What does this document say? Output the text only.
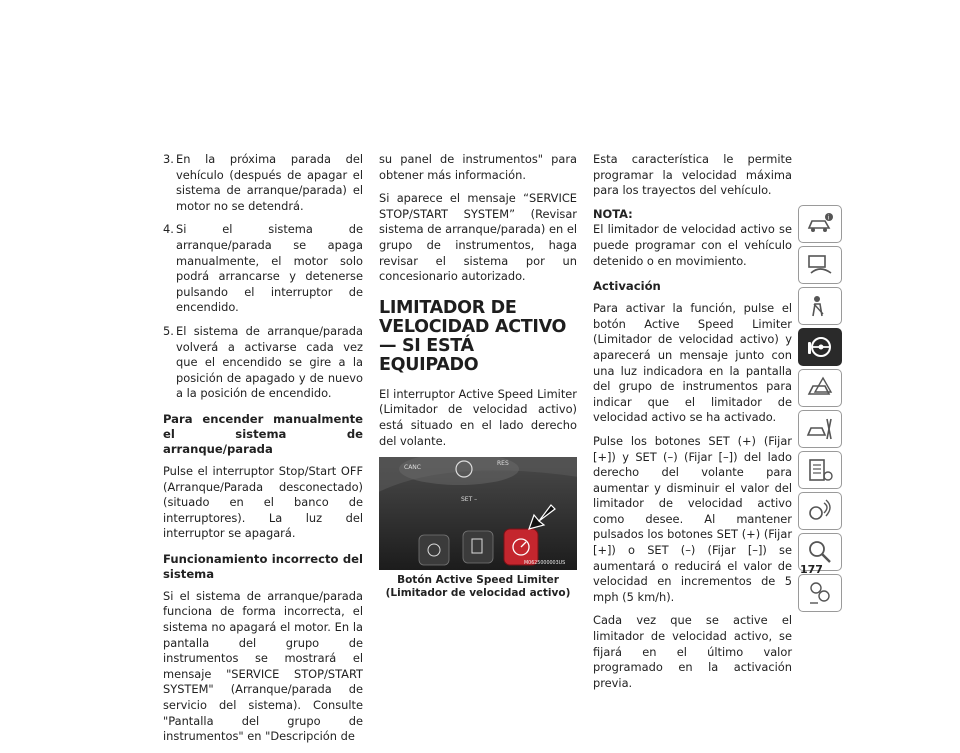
3. En la próxima parada del vehículo (después de apagar el sistema de arranque/parada) el motor no se detendrá.
4. Si el sistema de arranque/parada se apaga manualmente, el motor solo podrá arrancarse y detenerse pulsando el interruptor de encendido.
5. El sistema de arranque/parada volverá a activarse cada vez que el encendido se gire a la posición de apagado y de nuevo a la posición de encendido.
Para encender manualmente el sistema de arranque/parada

Pulse el interruptor Stop/Start OFF (Arranque/Parada desconectado) (situado en el banco de interruptores). La luz del interruptor se apagará.

Funcionamiento incorrecto del sistema

Si el sistema de arranque/parada funciona de forma incorrecta, el sistema no apagará el motor. En la pantalla del grupo de instrumentos se mostrará el mensaje "SERVICE STOP/START SYSTEM" (Arranque/parada de servicio del sistema). Consulte "Pantalla del grupo de instrumentos" en "Descripción de

su panel de instrumentos" para obtener más información.

Si aparece el mensaje “SERVICE STOP/START SYSTEM” (Revisar sistema de arranque/parada) en el grupo de instrumentos, haga revisar el sistema por un concesionario autorizado.

LIMITADOR DE VELOCIDAD ACTIVO — SI ESTÁ EQUIPADO

El interruptor Active Speed Limiter (Limitador de velocidad activo) está situado en el lado derecho del volante.

CANC
RES
SET –
M0625000003US
Botón Active Speed Limiter (Limitador de velocidad activo)

Esta característica le permite programar la velocidad máxima para los trayectos del vehículo.

NOTA:
El limitador de velocidad activo se puede programar con el vehículo detenido o en movimiento.

Activación

Para activar la función, pulse el botón Active Speed Limiter (Limitador de velocidad activo) y aparecerá un mensaje junto con una luz indicadora en la pantalla del grupo de instrumentos para indicar que el limitador de velocidad activo se ha activado.

Pulse los botones SET (+) (Fijar [+]) y SET (–) (Fijar [–]) del lado derecho del volante para aumentar y disminuir el valor del limitador de velocidad activo como desee. Al mantener pulsados los botones SET (+) (Fijar [+]) o SET (–) (Fijar [–]) se aumentará o reducirá el valor de velocidad en incrementos de 5 mph (5 km/h).

Cada vez que se active el limitador de velocidad activo, se fijará en el último valor programado en la activación previa.

i
177
